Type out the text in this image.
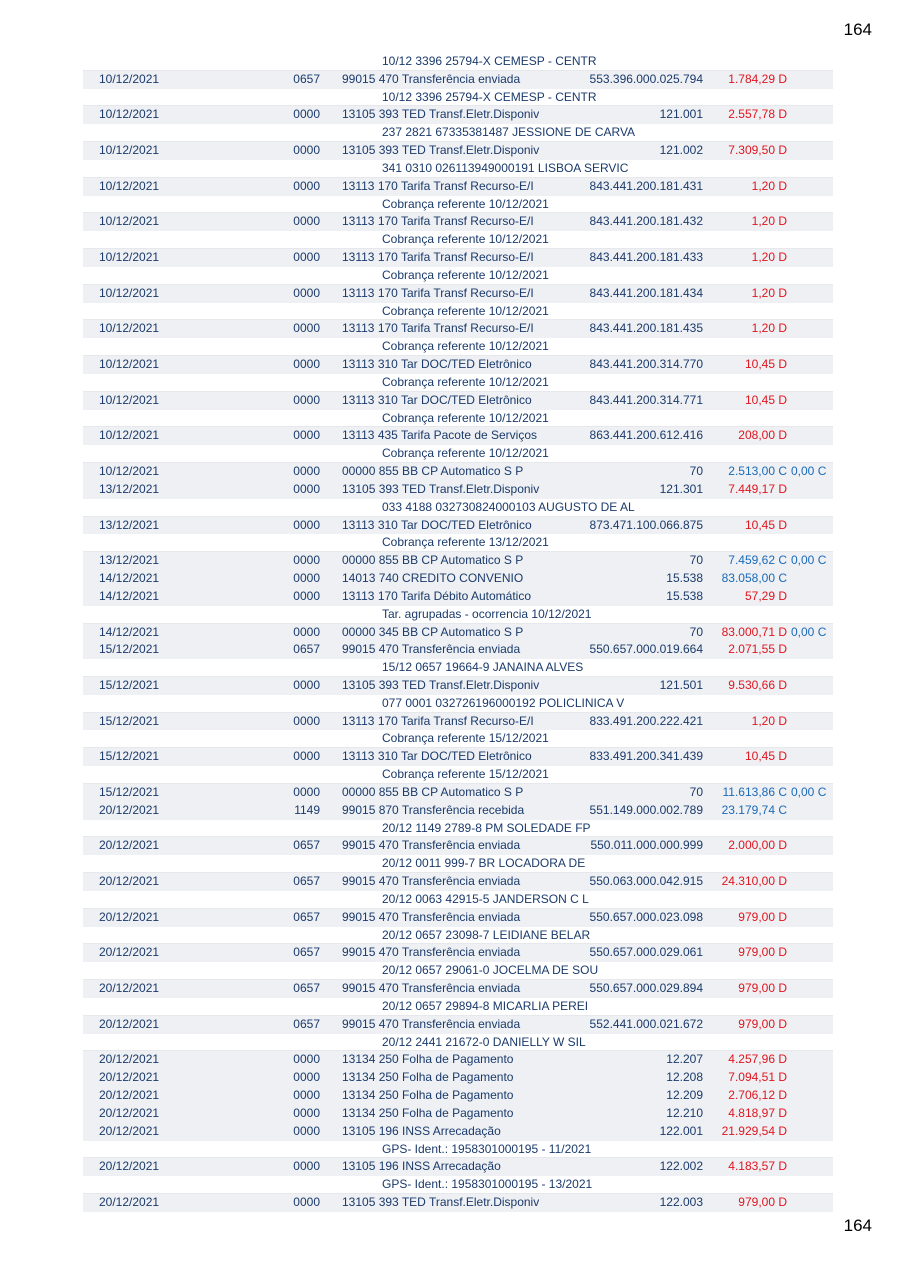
164
10/12 3396 25794-X CEMESP - CENTR
10/12/2021	0657 99015 470 Transferência enviada	553.396.000.025.794	1.784,29 D
10/12 3396 25794-X CEMESP - CENTR
10/12/2021	0000 13105 393 TED Transf.Eletr.Disponiv	121.001	2.557,78 D
237 2821 67335381487 JESSIONE DE CARVA
10/12/2021	0000 13105 393 TED Transf.Eletr.Disponiv	121.002	7.309,50 D
341 0310 026113949000191 LISBOA SERVIC
10/12/2021	0000 13113 170 Tarifa Transf Recurso-E/I	843.441.200.181.431	1,20 D
Cobrança referente 10/12/2021
10/12/2021	0000 13113 170 Tarifa Transf Recurso-E/I	843.441.200.181.432	1,20 D
Cobrança referente 10/12/2021
10/12/2021	0000 13113 170 Tarifa Transf Recurso-E/I	843.441.200.181.433	1,20 D
Cobrança referente 10/12/2021
10/12/2021	0000 13113 170 Tarifa Transf Recurso-E/I	843.441.200.181.434	1,20 D
Cobrança referente 10/12/2021
10/12/2021	0000 13113 170 Tarifa Transf Recurso-E/I	843.441.200.181.435	1,20 D
Cobrança referente 10/12/2021
10/12/2021	0000 13113 310 Tar DOC/TED Eletrônico	843.441.200.314.770	10,45 D
Cobrança referente 10/12/2021
10/12/2021	0000 13113 310 Tar DOC/TED Eletrônico	843.441.200.314.771	10,45 D
Cobrança referente 10/12/2021
10/12/2021	0000 13113 435 Tarifa Pacote de Serviços	863.441.200.612.416	208,00 D
Cobrança referente 10/12/2021
10/12/2021	0000 00000 855 BB CP Automatico S P	70	2.513,00 C 0,00 C
13/12/2021	0000 13105 393 TED Transf.Eletr.Disponiv	121.301	7.449,17 D
033 4188 032730824000103 AUGUSTO DE AL
13/12/2021	0000 13113 310 Tar DOC/TED Eletrônico	873.471.100.066.875	10,45 D
Cobrança referente 13/12/2021
13/12/2021	0000 00000 855 BB CP Automatico S P	70	7.459,62 C 0,00 C
14/12/2021	0000 14013 740 CREDITO CONVENIO	15.538	83.058,00 C
14/12/2021	0000 13113 170 Tarifa Débito Automático	15.538	57,29 D
Tar. agrupadas - ocorrencia 10/12/2021
14/12/2021	0000 00000 345 BB CP Automatico S P	70	83.000,71 D 0,00 C
15/12/2021	0657 99015 470 Transferência enviada	550.657.000.019.664	2.071,55 D
15/12 0657 19664-9 JANAINA ALVES
15/12/2021	0000 13105 393 TED Transf.Eletr.Disponiv	121.501	9.530,66 D
077 0001 032726196000192 POLICLINICA V
15/12/2021	0000 13113 170 Tarifa Transf Recurso-E/I	833.491.200.222.421	1,20 D
Cobrança referente 15/12/2021
15/12/2021	0000 13113 310 Tar DOC/TED Eletrônico	833.491.200.341.439	10,45 D
Cobrança referente 15/12/2021
15/12/2021	0000 00000 855 BB CP Automatico S P	70	11.613,86 C 0,00 C
20/12/2021	1149 99015 870 Transferência recebida	551.149.000.002.789	23.179,74 C
20/12 1149 2789-8 PM SOLEDADE FP
20/12/2021	0657 99015 470 Transferência enviada	550.011.000.000.999	2.000,00 D
20/12 0011 999-7 BR LOCADORA DE
20/12/2021	0657 99015 470 Transferência enviada	550.063.000.042.915	24.310,00 D
20/12 0063 42915-5 JANDERSON C L
20/12/2021	0657 99015 470 Transferência enviada	550.657.000.023.098	979,00 D
20/12 0657 23098-7 LEIDIANE BELAR
20/12/2021	0657 99015 470 Transferência enviada	550.657.000.029.061	979,00 D
20/12 0657 29061-0 JOCELMA DE SOU
20/12/2021	0657 99015 470 Transferência enviada	550.657.000.029.894	979,00 D
20/12 0657 29894-8 MICARLIA PEREI
20/12/2021	0657 99015 470 Transferência enviada	552.441.000.021.672	979,00 D
20/12 2441 21672-0 DANIELLY W SIL
20/12/2021	0000 13134 250 Folha de Pagamento	12.207	4.257,96 D
20/12/2021	0000 13134 250 Folha de Pagamento	12.208	7.094,51 D
20/12/2021	0000 13134 250 Folha de Pagamento	12.209	2.706,12 D
20/12/2021	0000 13134 250 Folha de Pagamento	12.210	4.818,97 D
20/12/2021	0000 13105 196 INSS Arrecadação	122.001	21.929,54 D
GPS- Ident.: 1958301000195 - 11/2021
20/12/2021	0000 13105 196 INSS Arrecadação	122.002	4.183,57 D
GPS- Ident.: 1958301000195 - 13/2021
20/12/2021	0000 13105 393 TED Transf.Eletr.Disponiv	122.003	979,00 D
164
